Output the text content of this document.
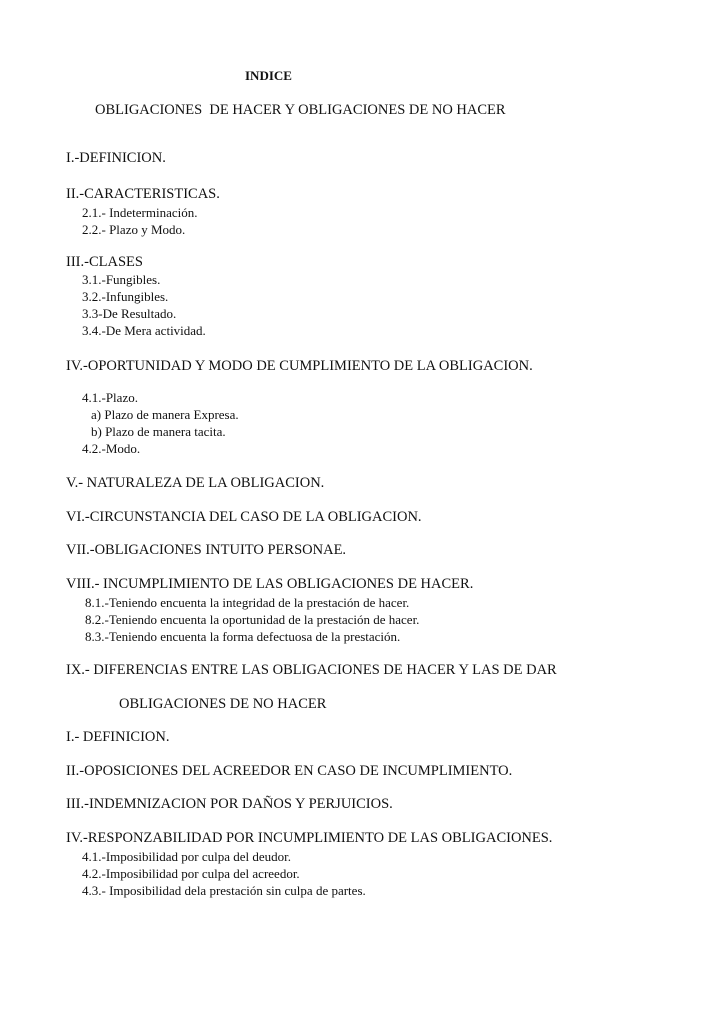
INDICE
OBLIGACIONES  DE HACER Y OBLIGACIONES DE NO HACER
I.-DEFINICION.
II.-CARACTERISTICAS.
2.1.- Indeterminación.
2.2.- Plazo y Modo.
III.-CLASES
3.1.-Fungibles.
3.2.-Infungibles.
3.3-De Resultado.
3.4.-De Mera actividad.
IV.-OPORTUNIDAD Y MODO DE CUMPLIMIENTO DE LA OBLIGACION.
4.1.-Plazo.
a) Plazo de manera Expresa.
b) Plazo de manera tacita.
4.2.-Modo.
V.- NATURALEZA DE LA OBLIGACION.
VI.-CIRCUNSTANCIA DEL CASO DE LA OBLIGACION.
VII.-OBLIGACIONES INTUITO PERSONAE.
VIII.- INCUMPLIMIENTO DE LAS OBLIGACIONES DE HACER.
8.1.-Teniendo encuenta la integridad de la prestación de hacer.
8.2.-Teniendo encuenta la oportunidad de la prestación de hacer.
8.3.-Teniendo encuenta la forma defectuosa de la prestación.
IX.- DIFERENCIAS ENTRE LAS OBLIGACIONES DE HACER Y LAS DE DAR
OBLIGACIONES DE NO HACER
I.- DEFINICION.
II.-OPOSICIONES DEL ACREEDOR EN CASO DE INCUMPLIMIENTO.
III.-INDEMNIZACION POR DAÑOS Y PERJUICIOS.
IV.-RESPONZABILIDAD POR INCUMPLIMIENTO DE LAS OBLIGACIONES.
4.1.-Imposibilidad por culpa del deudor.
4.2.-Imposibilidad por culpa del acreedor.
4.3.- Imposibilidad dela prestación sin culpa de partes.
